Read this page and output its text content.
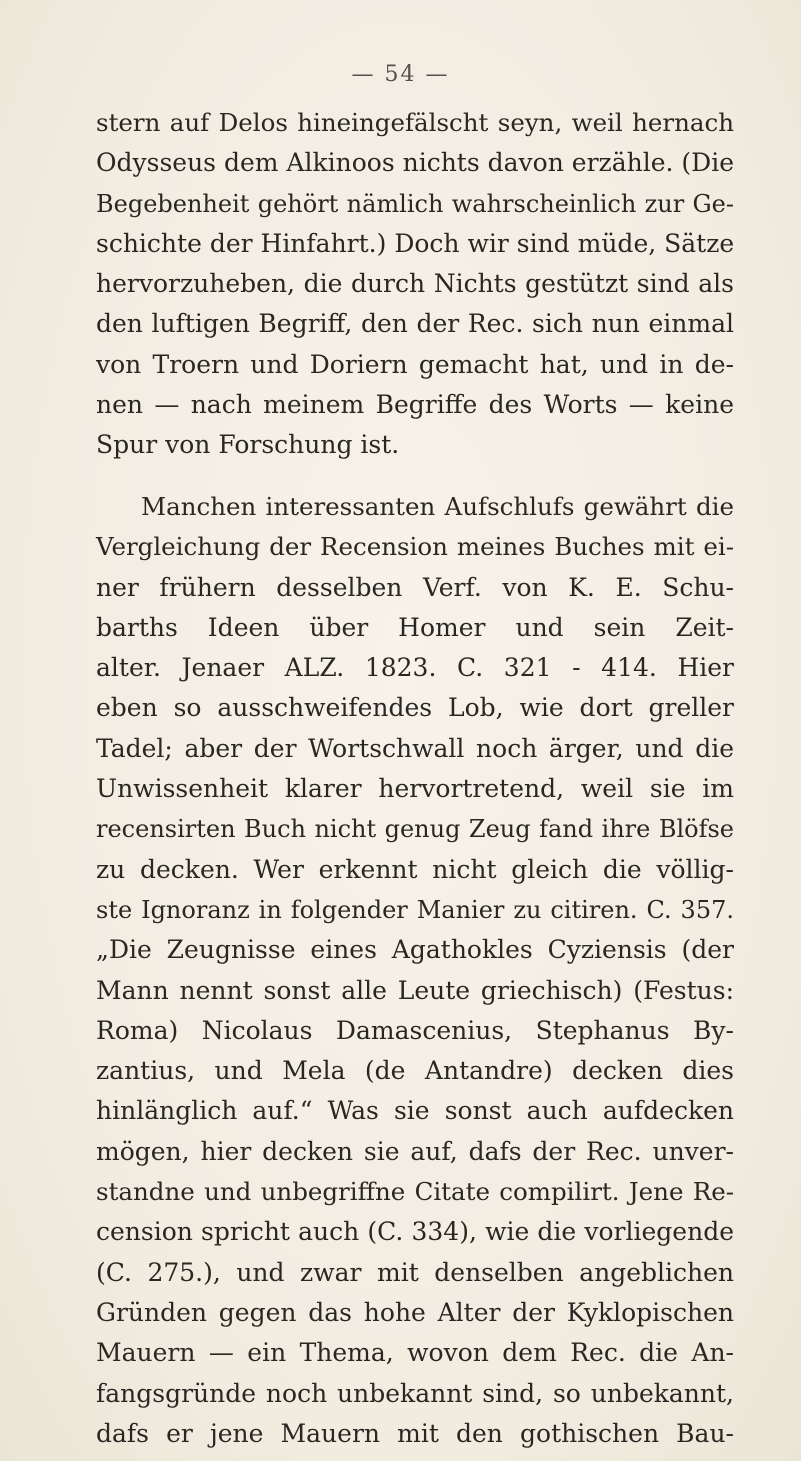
— 54 —
stern auf Delos hineingefälscht seyn, weil hernach
Odysseus dem Alkinoos nichts davon erzähle. (Die
Begebenheit gehört nämlich wahrscheinlich zur Ge-
schichte der Hinfahrt.) Doch wir sind müde, Sätze
hervorzuheben, die durch Nichts gestützt sind als
den luftigen Begriff, den der Rec. sich nun einmal
von Troern und Doriern gemacht hat, und in de-
nen — nach meinem Begriffe des Worts — keine
Spur von Forschung ist.
Manchen interessanten Aufschlufs gewährt die
Vergleichung der Recension meines Buches mit ei-
ner frühern desselben Verf. von K. E. Schu-
barths Ideen über Homer und sein Zeit-
alter. Jenaer ALZ. 1823. C. 321 - 414. Hier
eben so ausschweifendes Lob, wie dort greller
Tadel; aber der Wortschwall noch ärger, und die
Unwissenheit klarer hervortretend, weil sie im
recensirten Buch nicht genug Zeug fand ihre Blöfse
zu decken. Wer erkennt nicht gleich die völlig-
ste Ignoranz in folgender Manier zu citiren. C. 357.
„Die Zeugnisse eines Agathokles Cyziensis (der
Mann nennt sonst alle Leute griechisch) (Festus:
Roma) Nicolaus Damascenius, Stephanus By-
zantius, und Mela (de Antandre) decken dies
hinlänglich auf.“ Was sie sonst auch aufdecken
mögen, hier decken sie auf, dafs der Rec. unver-
standne und unbegriffne Citate compilirt. Jene Re-
cension spricht auch (C. 334), wie die vorliegende
(C. 275.), und zwar mit denselben angeblichen
Gründen gegen das hohe Alter der Kyklopischen
Mauern — ein Thema, wovon dem Rec. die An-
fangsgründe noch unbekannt sind, so unbekannt,
dafs er jene Mauern mit den gothischen Bau-
